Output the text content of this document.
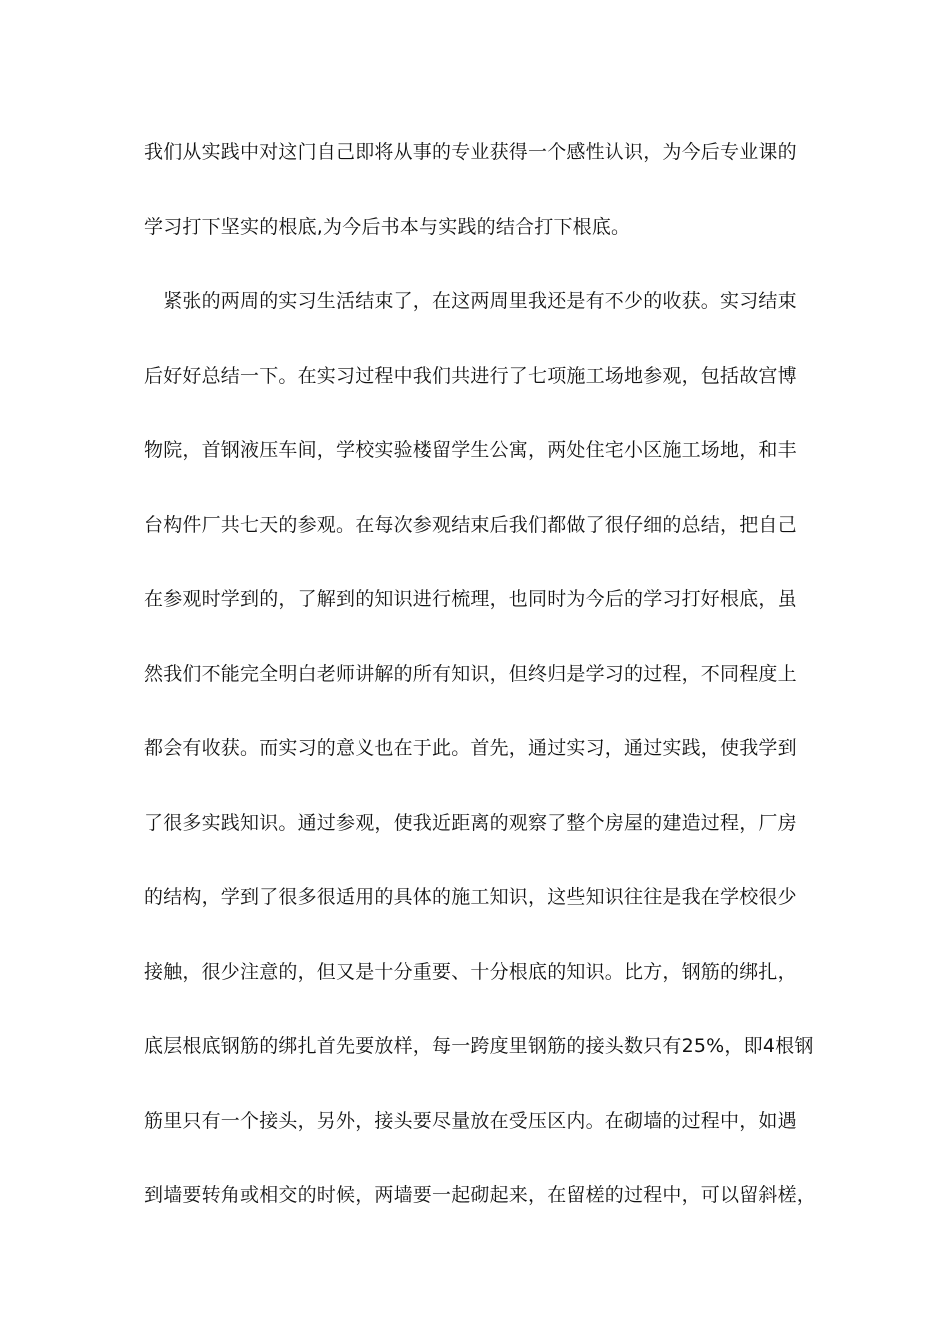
我们从实践中对这门自己即将从事的专业获得一个感性认识，为今后专业课的
学习打下坚实的根底,为今后书本与实践的结合打下根底。
　紧张的两周的实习生活结束了，在这两周里我还是有不少的收获。实习结束
后好好总结一下。在实习过程中我们共进行了七项施工场地参观，包括故宫博
物院，首钢液压车间，学校实验楼留学生公寓，两处住宅小区施工场地，和丰
台构件厂共七天的参观。在每次参观结束后我们都做了很仔细的总结，把自己
在参观时学到的，了解到的知识进行梳理，也同时为今后的学习打好根底，虽
然我们不能完全明白老师讲解的所有知识，但终归是学习的过程，不同程度上
都会有收获。而实习的意义也在于此。首先，通过实习，通过实践，使我学到
了很多实践知识。通过参观，使我近距离的观察了整个房屋的建造过程，厂房
的结构，学到了很多很适用的具体的施工知识，这些知识往往是我在学校很少
接触，很少注意的，但又是十分重要、十分根底的知识。比方，钢筋的绑扎，
底层根底钢筋的绑扎首先要放样，每一跨度里钢筋的接头数只有25%，即4根钢
筋里只有一个接头，另外，接头要尽量放在受压区内。在砌墙的过程中，如遇
到墙要转角或相交的时候，两墙要一起砌起来，在留槎的过程中，可以留斜槎，
